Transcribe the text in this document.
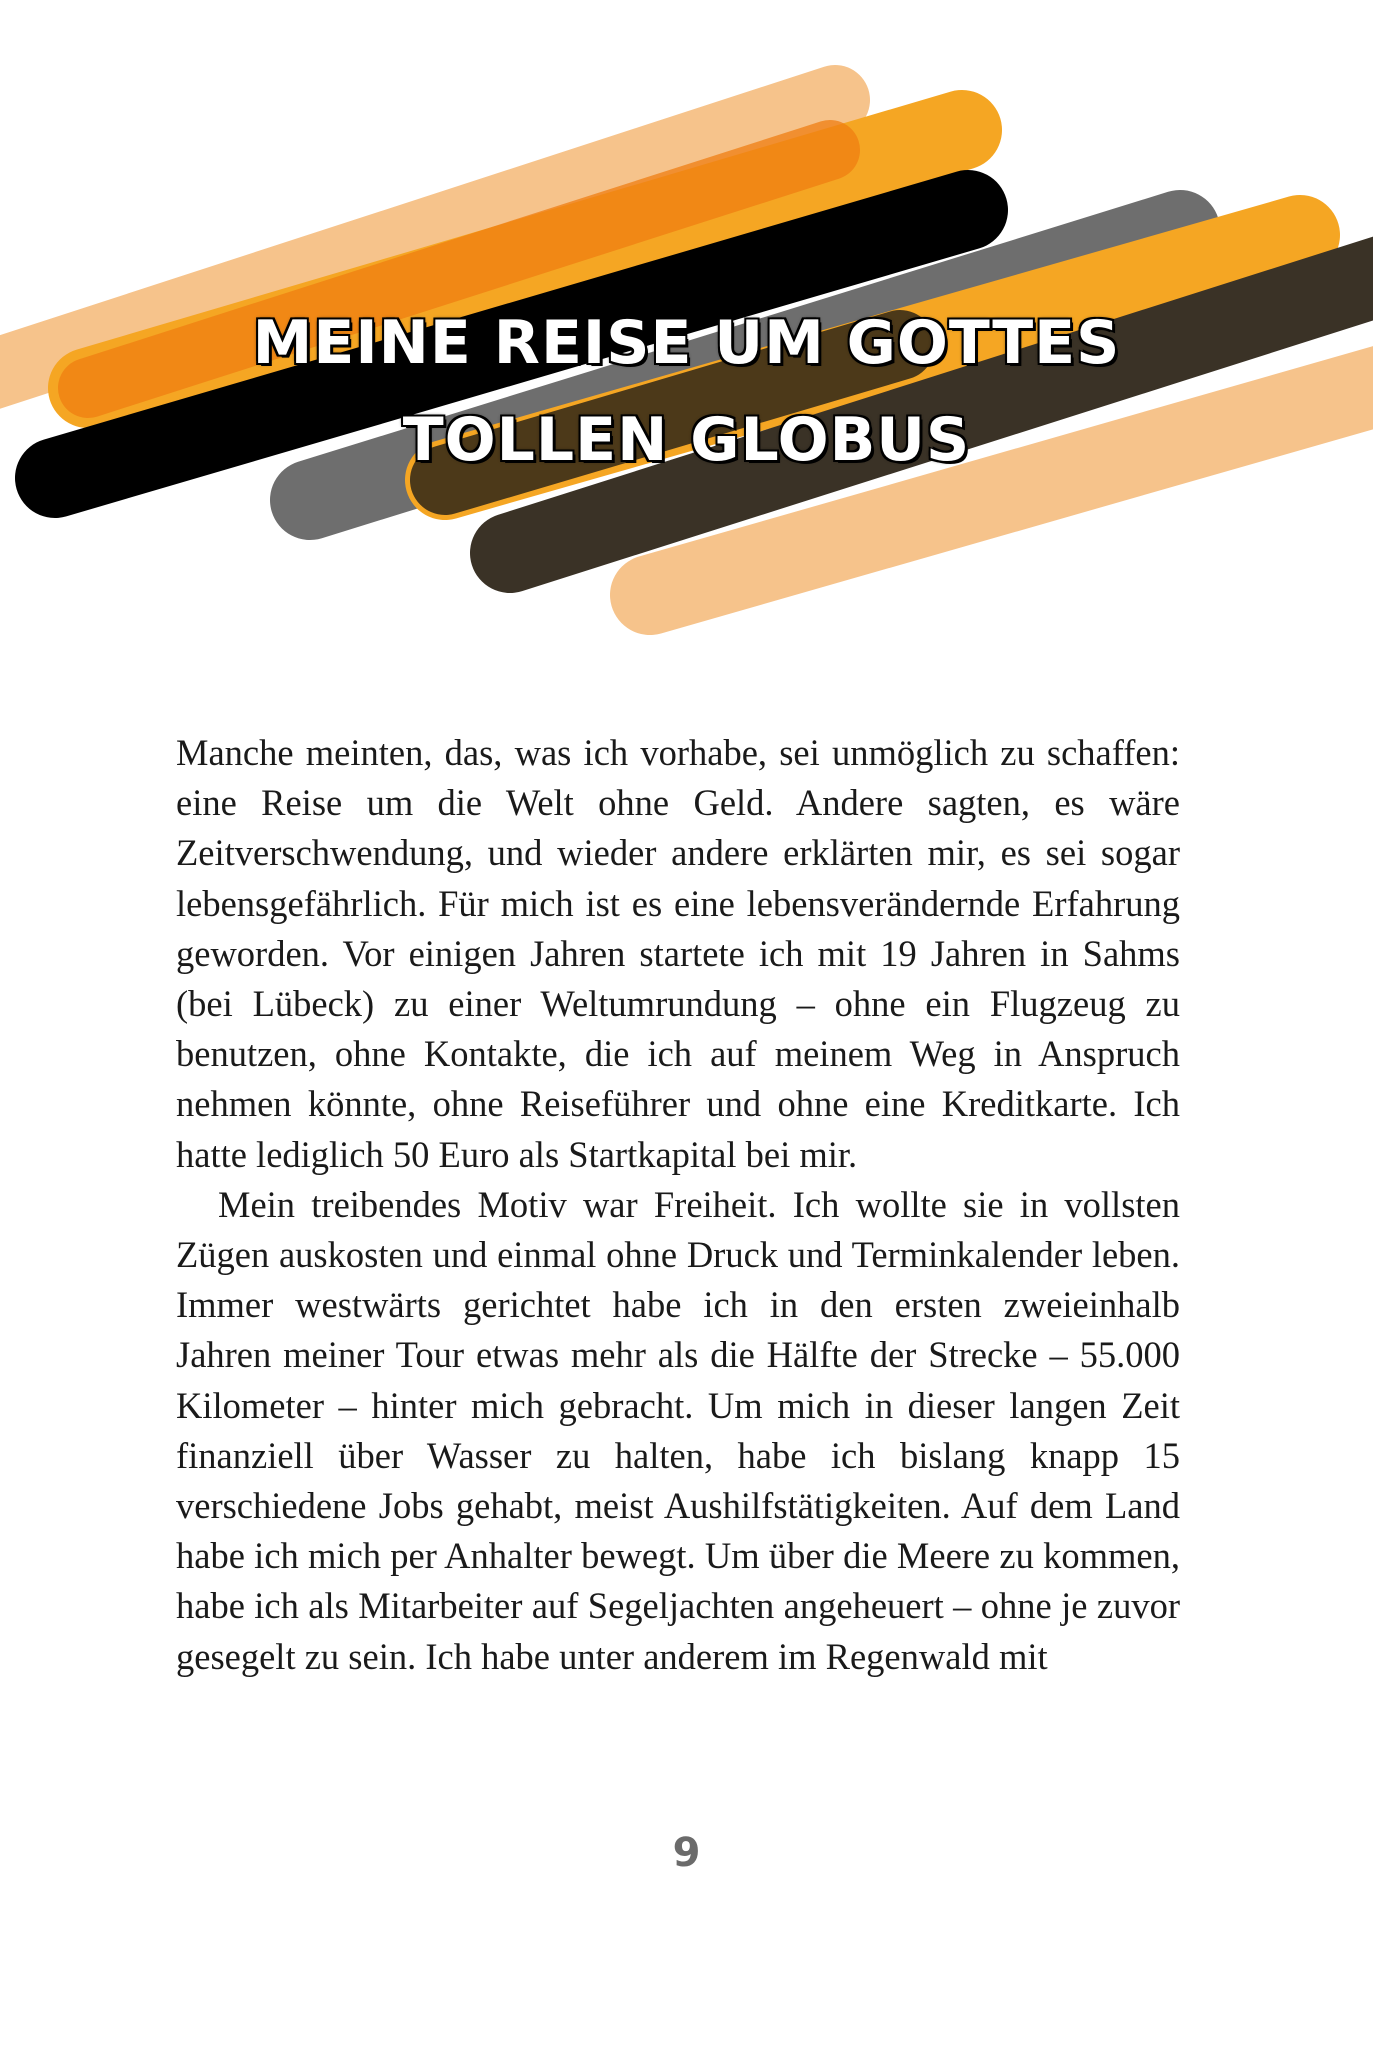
MEINE REISE UM GOTTES
TOLLEN GLOBUS

Manche meinten, das, was ich vorhabe, sei unmöglich zu schaffen: eine Reise um die Welt ohne Geld. Andere sagten, es wäre Zeitverschwendung, und wieder andere erklärten mir, es sei sogar lebensgefährlich. Für mich ist es eine lebensverändernde Erfahrung geworden. Vor einigen Jahren startete ich mit 19 Jahren in Sahms (bei Lübeck) zu einer Weltumrundung – ohne ein Flugzeug zu benutzen, ohne Kontakte, die ich auf meinem Weg in Anspruch nehmen könnte, ohne Reiseführer und ohne eine Kreditkarte. Ich hatte lediglich 50 Euro als Startkapital bei mir.

Mein treibendes Motiv war Freiheit. Ich wollte sie in vollsten Zügen auskosten und einmal ohne Druck und Terminkalender leben. Immer westwärts gerichtet habe ich in den ersten zweieinhalb Jahren meiner Tour etwas mehr als die Hälfte der Strecke – 55.000 Kilometer – hinter mich gebracht. Um mich in dieser langen Zeit finanziell über Wasser zu halten, habe ich bislang knapp 15 verschiedene Jobs gehabt, meist Aushilfstätigkeiten. Auf dem Land habe ich mich per Anhalter bewegt. Um über die Meere zu kommen, habe ich als Mitarbeiter auf Segeljachten angeheuert – ohne je zuvor gesegelt zu sein. Ich habe unter anderem im Regenwald mit

9
